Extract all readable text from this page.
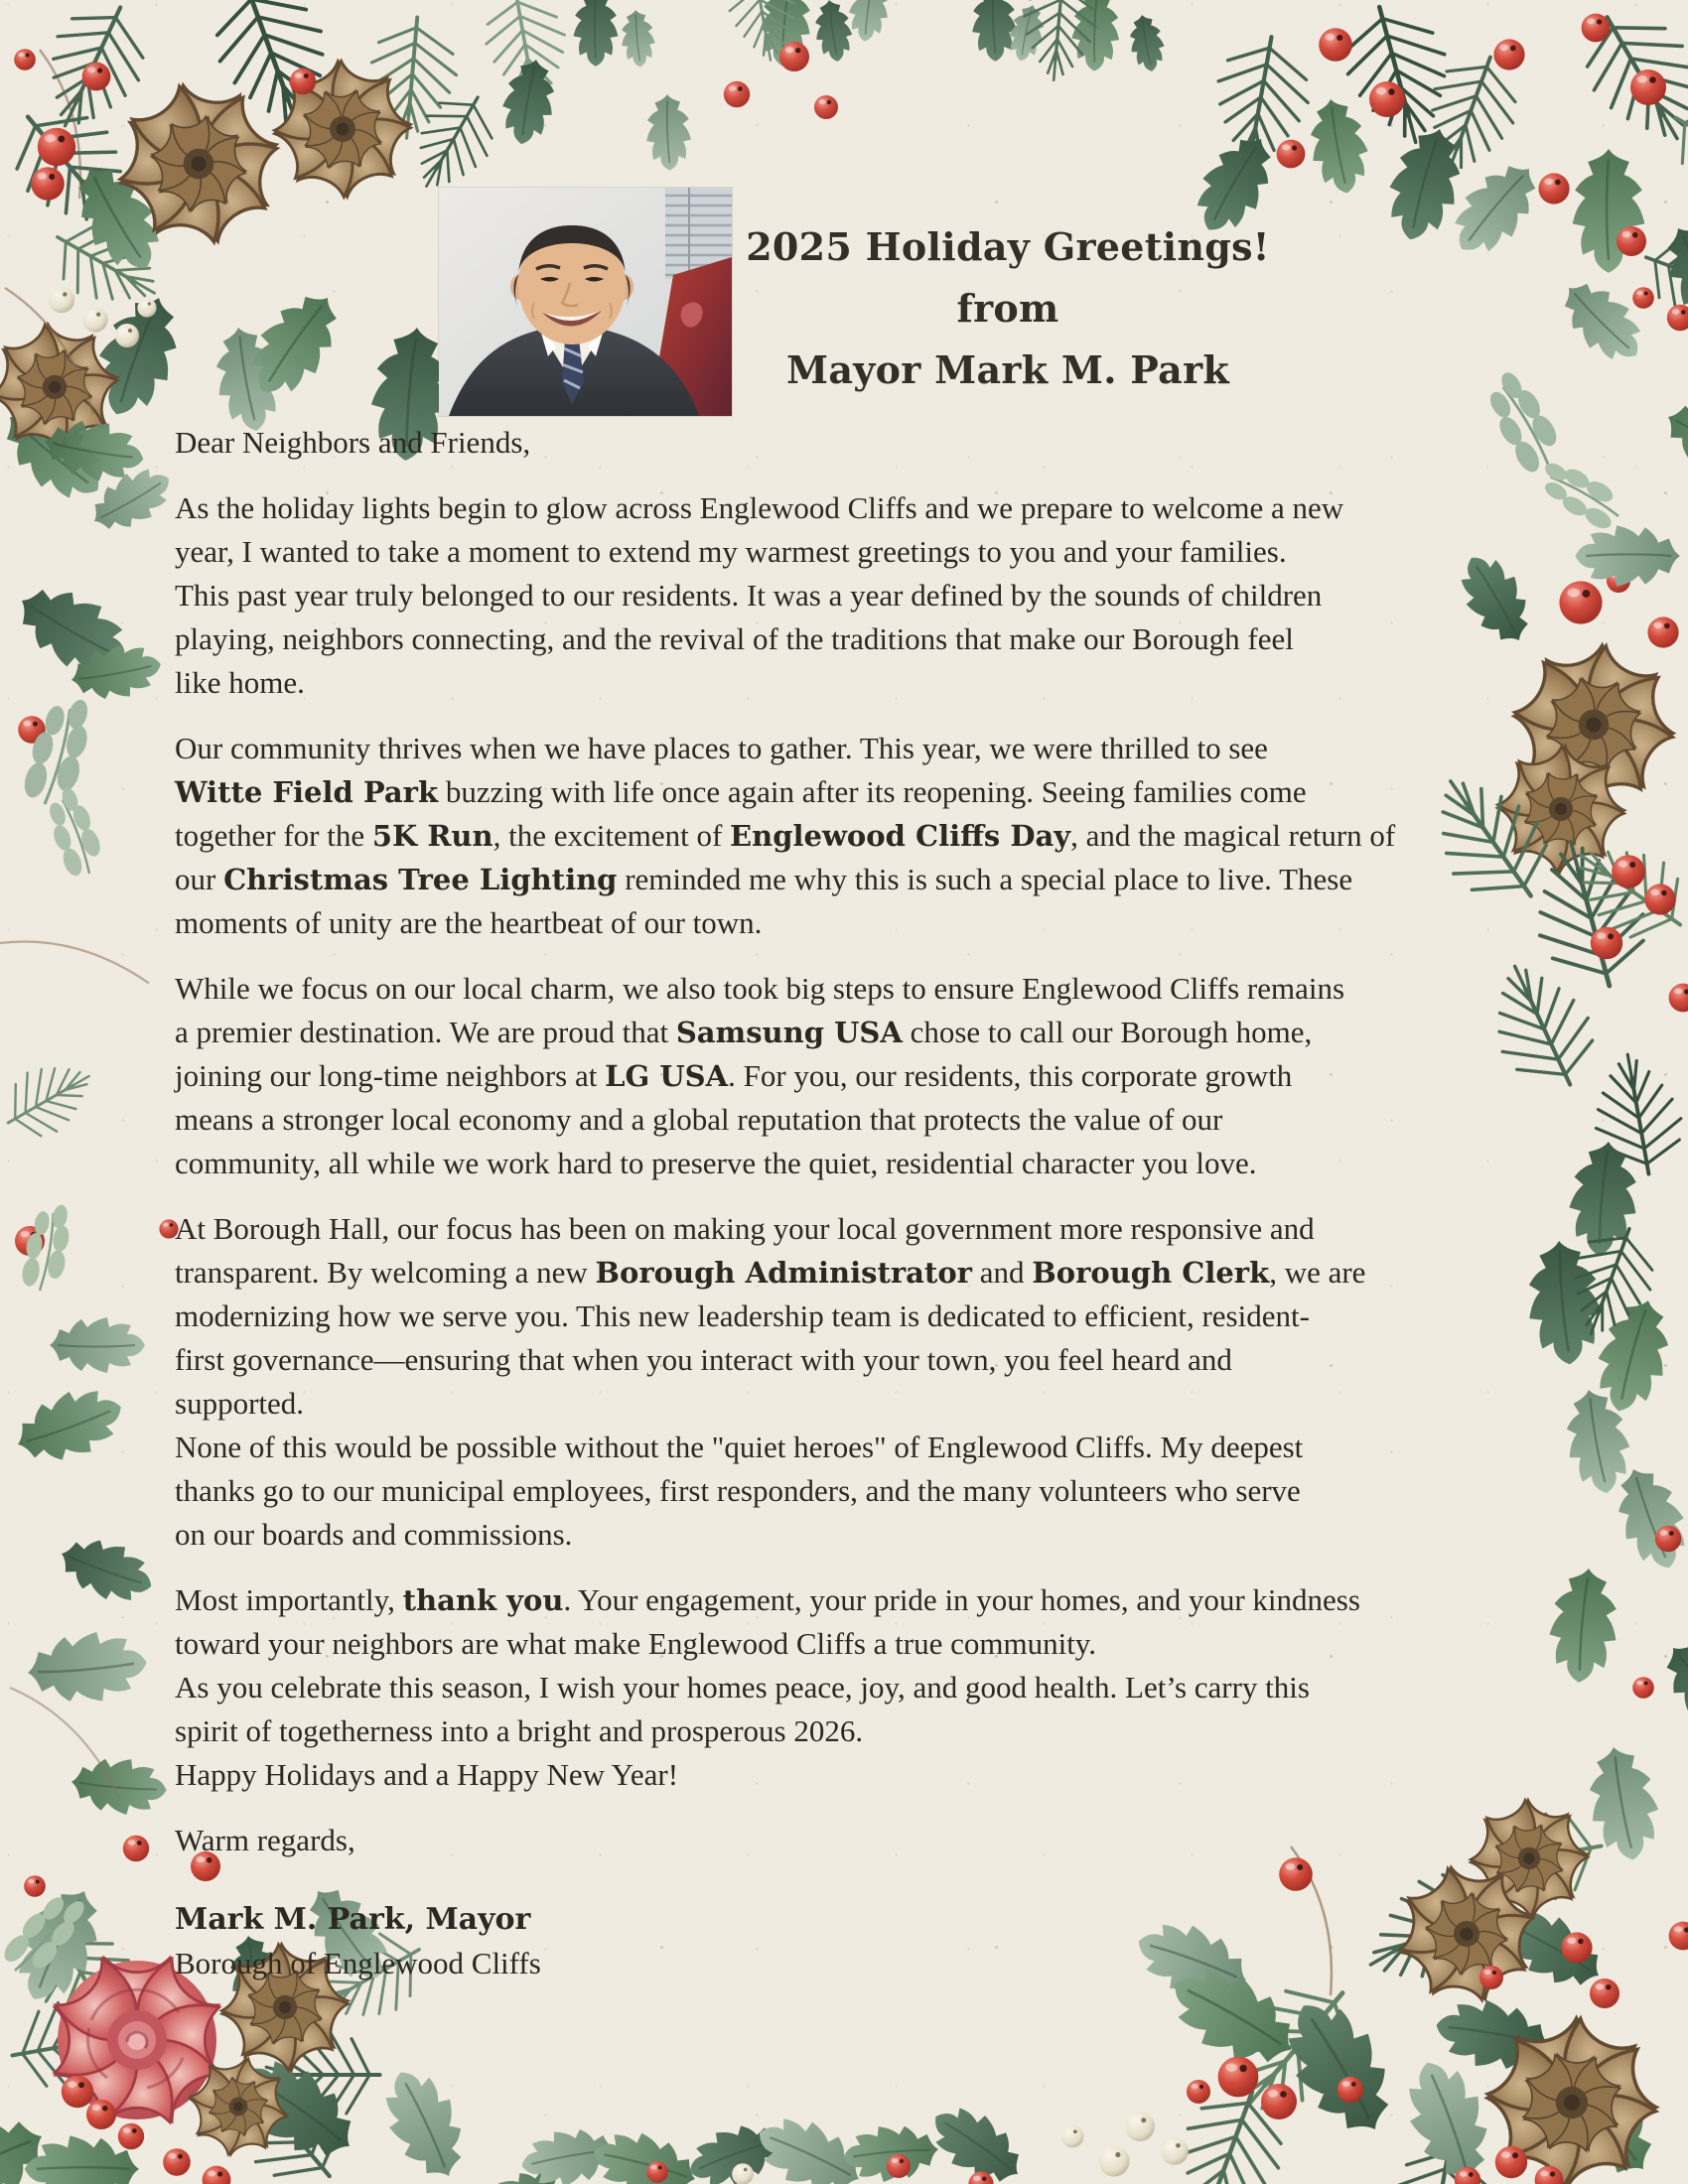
2025 Holiday Greetings!
from
Mayor Mark M. Park

Dear Neighbors and Friends,

As the holiday lights begin to glow across Englewood Cliffs and we prepare to welcome a new
year, I wanted to take a moment to extend my warmest greetings to you and your families.
This past year truly belonged to our residents. It was a year defined by the sounds of children
playing, neighbors connecting, and the revival of the traditions that make our Borough feel
like home.

Our community thrives when we have places to gather. This year, we were thrilled to see
Witte Field Park buzzing with life once again after its reopening. Seeing families come
together for the 5K Run, the excitement of Englewood Cliffs Day, and the magical return of
our Christmas Tree Lighting reminded me why this is such a special place to live. These
moments of unity are the heartbeat of our town.

While we focus on our local charm, we also took big steps to ensure Englewood Cliffs remains
a premier destination. We are proud that Samsung USA chose to call our Borough home,
joining our long-time neighbors at LG USA. For you, our residents, this corporate growth
means a stronger local economy and a global reputation that protects the value of our
community, all while we work hard to preserve the quiet, residential character you love.

At Borough Hall, our focus has been on making your local government more responsive and
transparent. By welcoming a new Borough Administrator and Borough Clerk, we are
modernizing how we serve you. This new leadership team is dedicated to efficient, resident-
first governance—ensuring that when you interact with your town, you feel heard and
supported.
None of this would be possible without the "quiet heroes" of Englewood Cliffs. My deepest
thanks go to our municipal employees, first responders, and the many volunteers who serve
on our boards and commissions.

Most importantly, thank you. Your engagement, your pride in your homes, and your kindness
toward your neighbors are what make Englewood Cliffs a true community.
As you celebrate this season, I wish your homes peace, joy, and good health. Let’s carry this
spirit of togetherness into a bright and prosperous 2026.
Happy Holidays and a Happy New Year!

Warm regards,

Mark M. Park, Mayor

Borough of Englewood Cliffs
